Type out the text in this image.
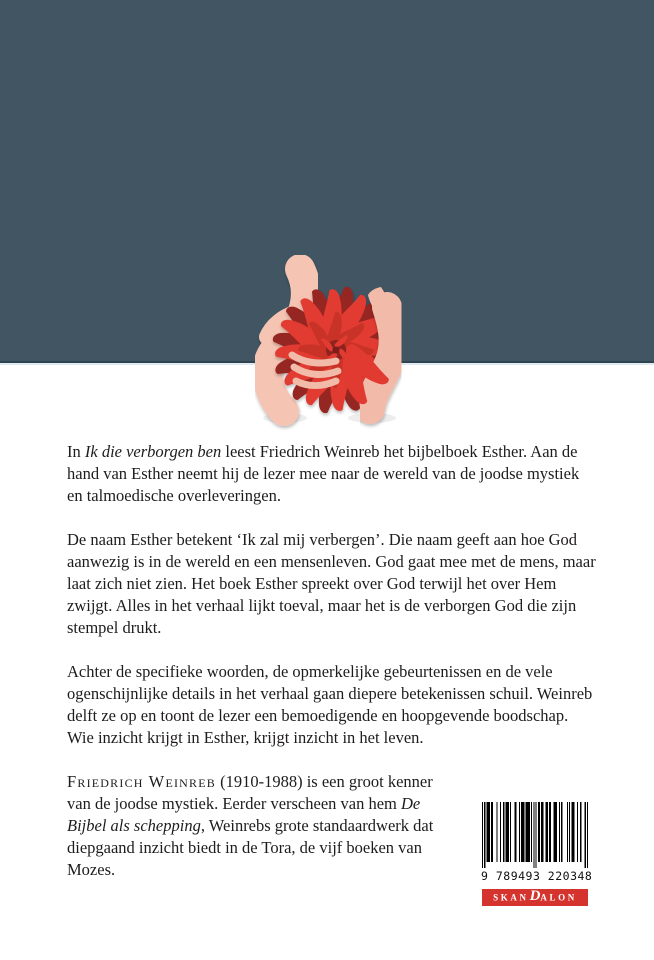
In Ik die verborgen ben leest Friedrich Weinreb het bijbelboek Esther. Aan de hand van Esther neemt hij de lezer mee naar de wereld van de joodse mystiek en talmoedische overleveringen.

De naam Esther betekent ‘Ik zal mij verbergen’. Die naam geeft aan hoe God aanwezig is in de wereld en een mensenleven. God gaat mee met de mens, maar laat zich niet zien. Het boek Esther spreekt over God terwijl het over Hem zwijgt. Alles in het verhaal lijkt toeval, maar het is de verborgen God die zijn stempel drukt.

Achter de specifieke woorden, de opmerkelijke gebeurtenissen en de vele ogenschijnlijke details in het verhaal gaan diepere betekenissen schuil. Weinreb delft ze op en toont de lezer een bemoedigende en hoopgevende boodschap. Wie inzicht krijgt in Esther, krijgt inzicht in het leven.

Friedrich Weinreb (1910-1988) is een groot kenner van de joodse mystiek. Eerder verscheen van hem De Bijbel als schepping, Weinrebs grote standaardwerk dat diepgaand inzicht biedt in de Tora, de vijf boeken van Mozes.	9 789493 220348
SKAN D ALON
